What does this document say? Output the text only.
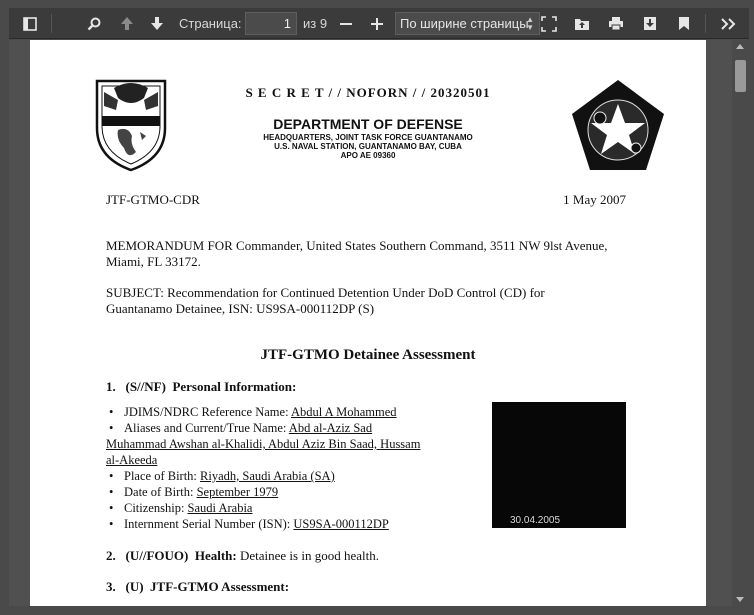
Страница:
1	из 9	По ширине страницы
▲
▼
S E C R E T / / NOFORN / / 20320501
DEPARTMENT OF DEFENSE
HEADQUARTERS, JOINT TASK FORCE GUANTANAMO
U.S. NAVAL STATION, GUANTANAMO BAY, CUBA
APO AE 09360
JTF-GTMO-CDR	1 May 2007
MEMORANDUM FOR Commander, United States Southern Command, 3511 NW 9lst Avenue,
Miami, FL 33172.
SUBJECT: Recommendation for Continued Detention Under DoD Control (CD) for
Guantanamo Detainee, ISN: US9SA-000112DP (S)
JTF-GTMO Detainee Assessment
1. (S//NF) Personal Information:
• JDIMS/NDRC Reference Name: Abdul A Mohammed
• Aliases and Current/True Name: Abd al-Aziz Sad
Muhammad Awshan al-Khalidi, Abdul Aziz Bin Saad, Hussam
al-Akeeda
• Place of Birth: Riyadh, Saudi Arabia (SA)
• Date of Birth: September 1979
• Citizenship: Saudi Arabia
• Internment Serial Number (ISN): US9SA-000112DP	30.04.2005
2. (U//FOUO) Health: Detainee is in good health.
3. (U) JTF-GTMO Assessment:
